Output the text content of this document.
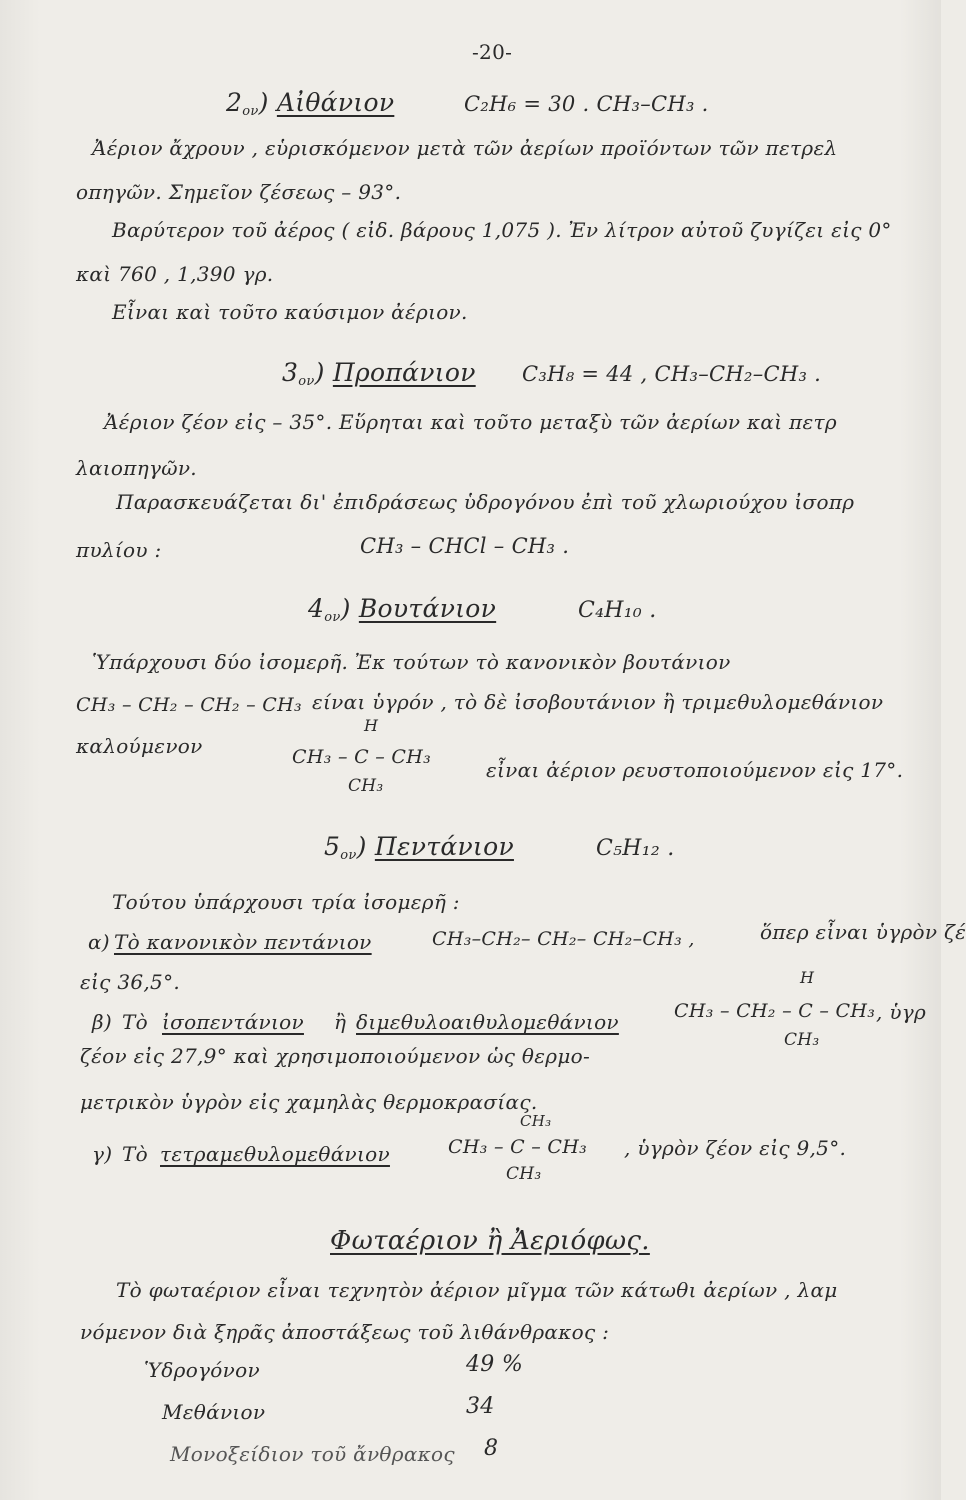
-20-
$2^{o\nu}$) Αἰθάνιον	C₂H₆ = 30 . CH₃–CH₃ .
Ἀέριον ἄχρουν , εὑρισκόμενον μετὰ τῶν ἀερίων προϊόντων τῶν πετρελ
οπηγῶν. Σημεῖον ζέσεως – 93°.
Βαρύτερον τοῦ ἀέρος ( εἰδ. βάρους 1,075 ). Ἐν λίτρον αὐτοῦ ζυγίζει εἰς 0°
καὶ 760 , 1,390 γρ.
Εἶναι καὶ τοῦτο καύσιμον ἀέριον.
$3^{o\nu}$) Προπάνιον C₃H₈ = 44 , CH₃–CH₂–CH₃ .
Ἀέριον ζέον εἰς – 35°. Εὕρηται καὶ τοῦτο μεταξὺ τῶν ἀερίων καὶ πετρ
λαιοπηγῶν.
Παρασκευάζεται δι' ἐπιδράσεως ὑδρογόνου ἐπὶ τοῦ χλωριούχου ἰσοπρ
πυλίου :	CH₃ – CHCl – CH₃ .
$4^{o\nu}$) Βουτάνιον	C₄H₁₀ .
Ὑπάρχουσι δύο ἰσομερῆ. Ἐκ τούτων τὸ κανονικὸν βουτάνιον
CH₃ – CH₂ – CH₂ – CH₃ είναι ὑγρόν , τὸ δὲ ἰσοβουτάνιον ἢ τριμεθυλομεθάνιον
καλούμενον
H
CH₃ – C – CH₃
CH₃
εἶναι ἀέριον ρευστοποιούμενον εἰς 17°.
$5^{o\nu}$) Πεντάνιον	C₅H₁₂ .
Τούτου ὑπάρχουσι τρία ἰσομερῆ :
α) Τὸ κανονικὸν πεντάνιον	CH₃–CH₂– CH₂– CH₂–CH₃ ,	ὅπερ εἶναι ὑγρὸν ζέ
εἰς 36,5°.	H
β) Τὸ ἰσοπεντάνιον ἢ διμεθυλοαιθυλομεθάνιον	CH₃ – CH₂ – C – CH₃ , ὑγρ
CH₃
ζέον εἰς 27,9° καὶ χρησιμοποιούμενον ὡς θερμο-
μετρικὸν ὑγρὸν εἰς χαμηλὰς θερμοκρασίας.
CH₃
γ) Τὸ τετραμεθυλομεθάνιον	CH₃ – C – CH₃
CH₃
, ὑγρὸν ζέον εἰς 9,5°.
Φωταέριον ἢ Ἀεριόφως.
Τὸ φωταέριον εἶναι τεχνητὸν ἀέριον μῖγμα τῶν κάτωθι ἀερίων , λαμ
νόμενον διὰ ξηρᾶς ἀποστάξεως τοῦ λιθάνθρακος :
Ὑδρογόνον	49 %
Μεθάνιον	34
Μονοξείδιον τοῦ ἄνθρακος 8
